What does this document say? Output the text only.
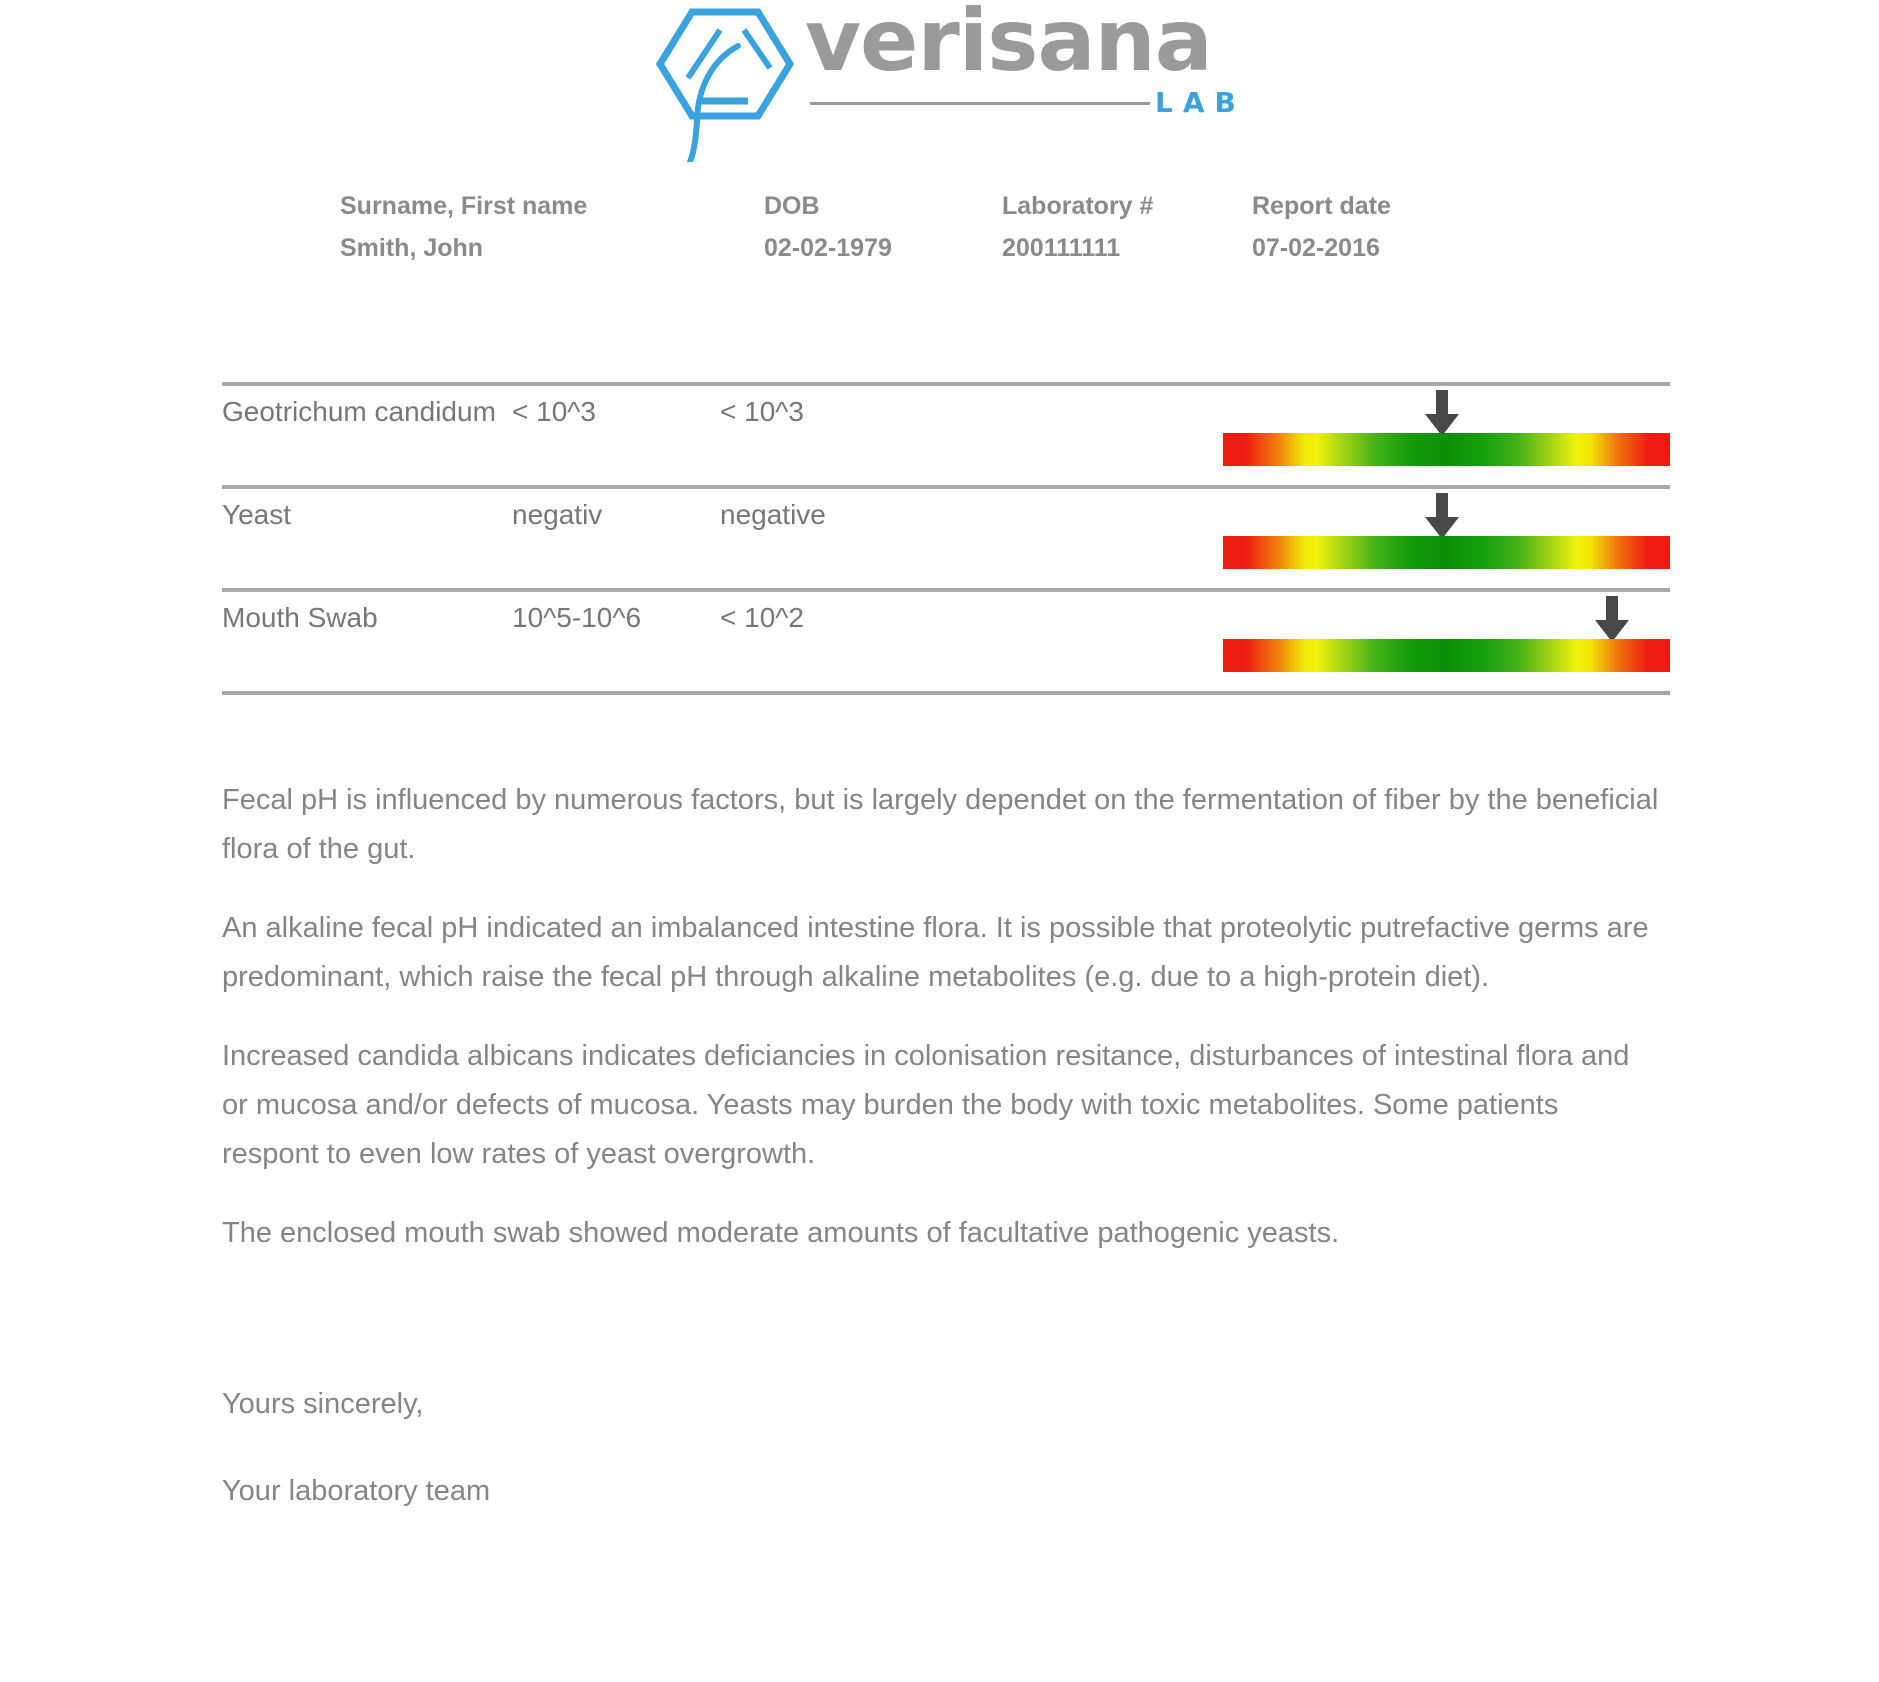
verisana
LAB
Surname, First name	DOB	Laboratory #	Report date
Smith, John	02-02-1979	200111111	07-02-2016
Geotrichum candidum < 10^3	< 10^3
Yeast	negativ	negative
Mouth Swab	10^5-10^6	< 10^2

Fecal pH is influenced by numerous factors, but is largely dependet on the fermentation of fiber by the beneficial flora of the gut.

An alkaline fecal pH indicated an imbalanced intestine flora. It is possible that proteolytic putrefactive germs are predominant, which raise the fecal pH through alkaline metabolites (e.g. due to a high-protein diet).

Increased candida albicans indicates deficiancies in colonisation resitance, disturbances of intestinal flora and or mucosa and/or defects of mucosa. Yeasts may burden the body with toxic metabolites. Some patients respont to even low rates of yeast overgrowth.

The enclosed mouth swab showed moderate amounts of facultative pathogenic yeasts.

Yours sincerely,

Your laboratory team
